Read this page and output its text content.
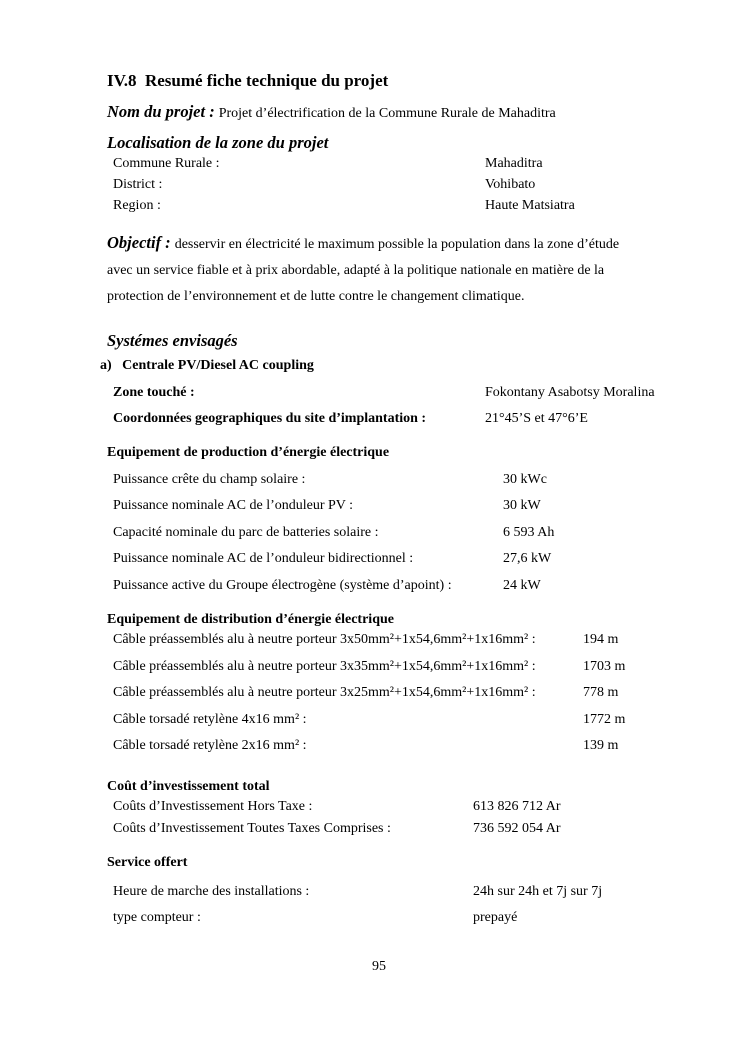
IV.8 Resumé fiche technique du projet
Nom du projet : Projet d’électrification de la Commune Rurale de Mahaditra
Localisation de la zone du projet
Commune Rurale :	Mahaditra
District :	Vohibato
Region :	Haute Matsiatra
Objectif : desservir en électricité le maximum possible la population dans la zone d’étude
avec un service fiable et à prix abordable, adapté à la politique nationale en matière de la
protection de l’environnement et de lutte contre le changement climatique.
Systémes envisagés
a) Centrale PV/Diesel AC coupling
Zone touché :	Fokontany Asabotsy Moralina
Coordonnées geographiques du site d’implantation :	21°45’S et 47°6’E
Equipement de production d’énergie électrique
Puissance crête du champ solaire :	30 kWc
Puissance nominale AC de l’onduleur PV :	30 kW
Capacité nominale du parc de batteries solaire :	6 593 Ah
Puissance nominale AC de l’onduleur bidirectionnel :	27,6 kW
Puissance active du Groupe électrogène (système d’apoint) :	24 kW
Equipement de distribution d’énergie électrique
Câble préassemblés alu à neutre porteur 3x50mm²+1x54,6mm²+1x16mm² :	194 m
Câble préassemblés alu à neutre porteur 3x35mm²+1x54,6mm²+1x16mm² :	1703 m
Câble préassemblés alu à neutre porteur 3x25mm²+1x54,6mm²+1x16mm² :	778 m
Câble torsadé retylène 4x16 mm² :	1772 m
Câble torsadé retylène 2x16 mm² :	139 m
Coût d’investissement total
Coûts d’Investissement Hors Taxe :	613 826 712 Ar
Coûts d’Investissement Toutes Taxes Comprises :	736 592 054 Ar
Service offert
Heure de marche des installations :	24h sur 24h et 7j sur 7j
type compteur :	prepayé
95
